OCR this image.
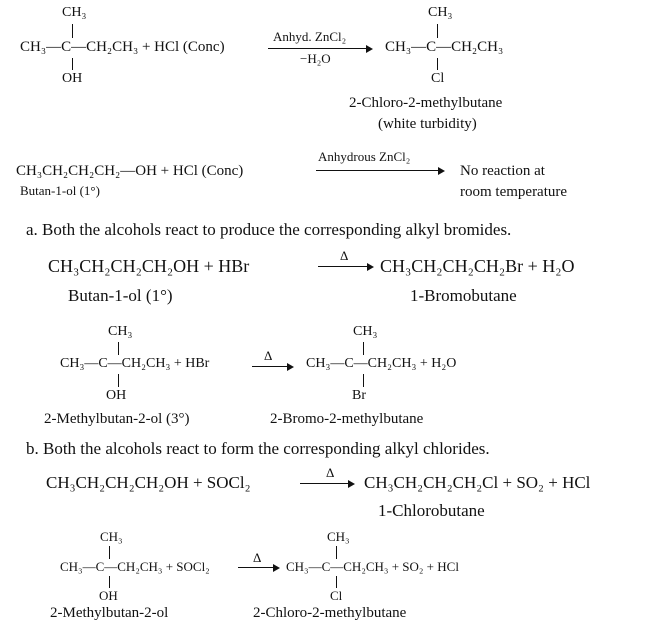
CH₃
CH₃—C—CH₂CH₃ + HCl (Conc)
OH
Anhyd. ZnCl₂
−H₂O
CH₃
CH₃—C—CH₂CH₃
Cl
2-Chloro-2-methylbutane
(white turbidity)
CH₃CH₂CH₂CH₂—OH + HCl (Conc)
Butan-1-ol (1°)
Anhydrous ZnCl₂
No reaction at
room temperature
a. Both the alcohols react to produce the corresponding alkyl bromides.
CH₃CH₂CH₂CH₂OH + HBr
Δ
CH₃CH₂CH₂CH₂Br + H₂O
Butan-1-ol (1°)	1-Bromobutane
CH₃
CH₃—C—CH₂CH₃ + HBr
OH
Δ
CH₃
CH₃—C—CH₂CH₃ + H₂O
Br
2-Methylbutan-2-ol (3°)	2-Bromo-2-methylbutane
b. Both the alcohols react to form the corresponding alkyl chlorides.
CH₃CH₂CH₂CH₂OH + SOCl₂
Δ
CH₃CH₂CH₂CH₂Cl + SO₂ + HCl
1-Chlorobutane
CH₃
CH₃—C—CH₂CH₃ + SOCl₂
OH
Δ
CH₃
CH₃—C—CH₂CH₃ + SO₂ + HCl
Cl
2-Methylbutan-2-ol	2-Chloro-2-methylbutane
